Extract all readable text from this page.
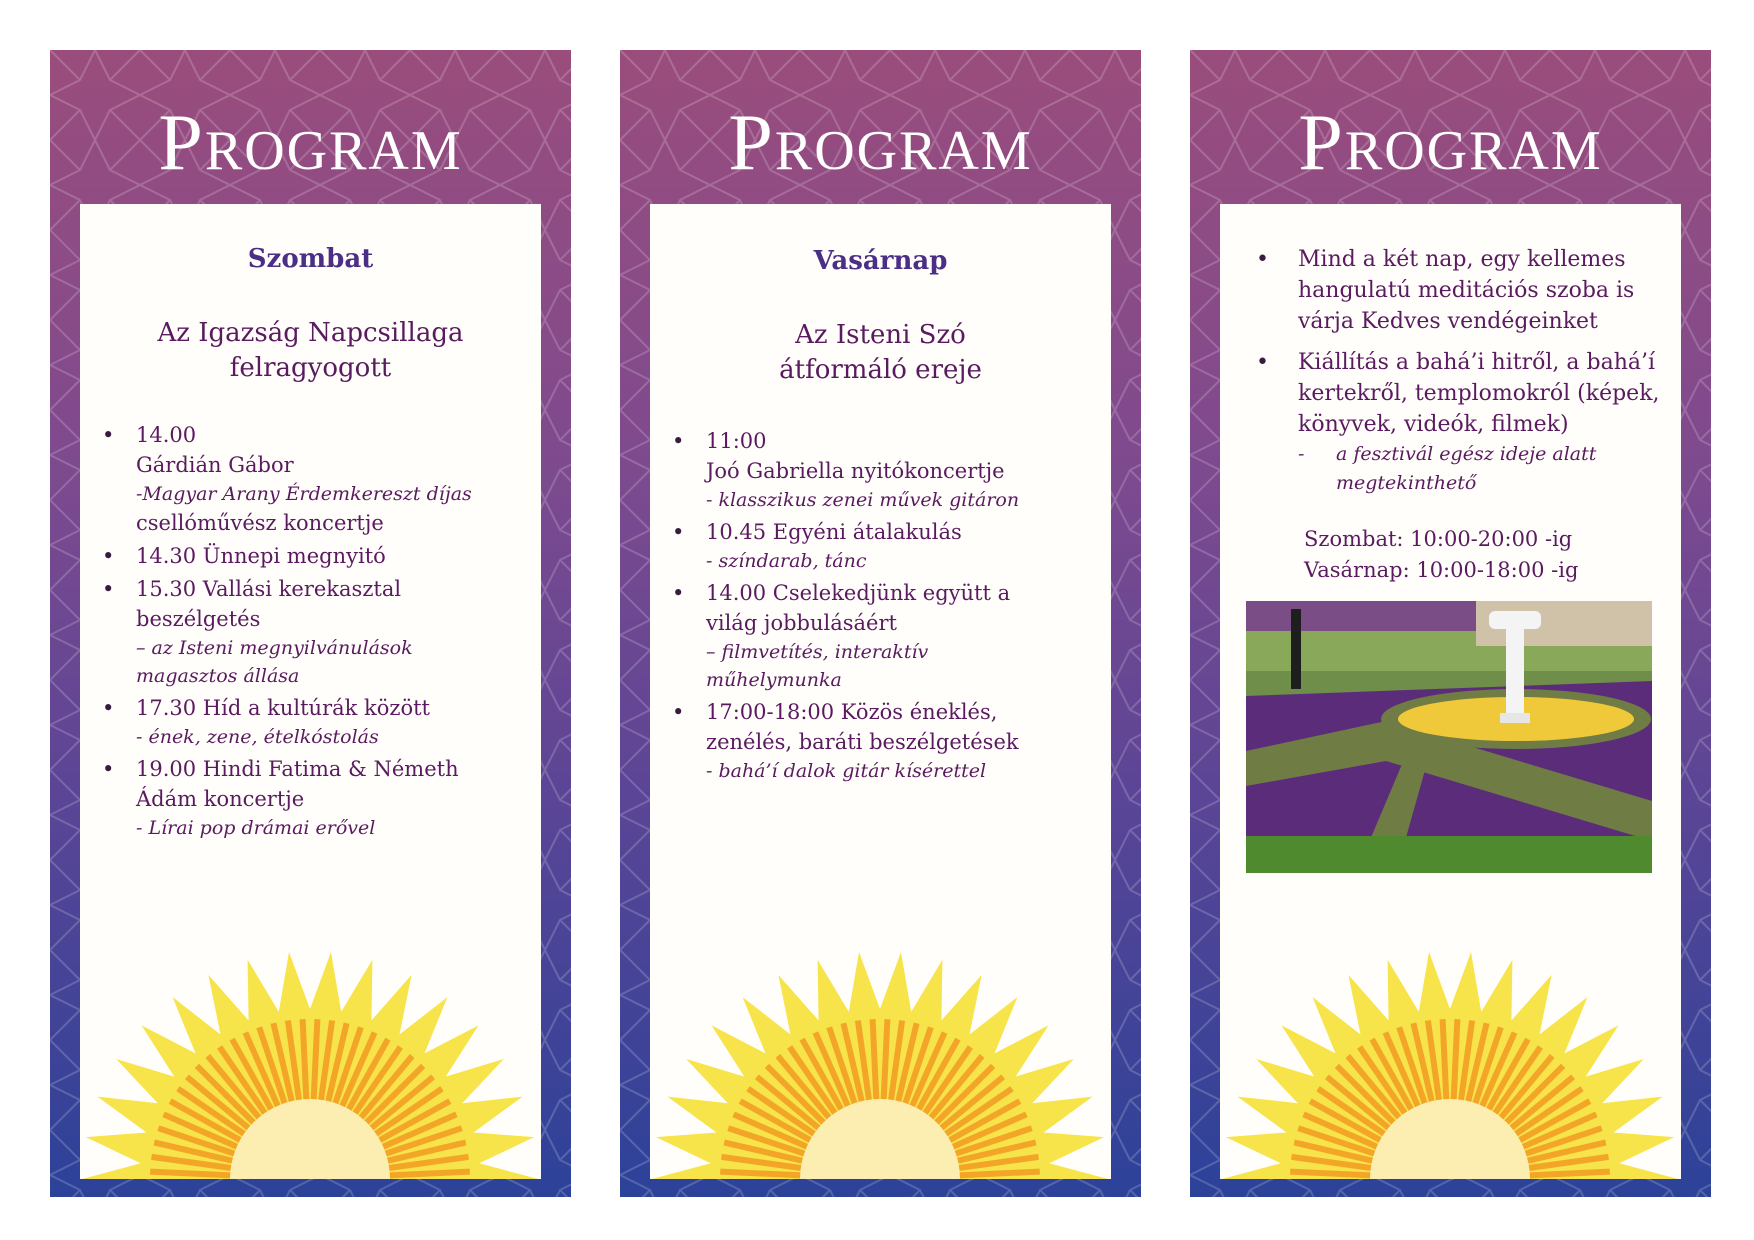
Program
Szombat
Az Igazság Napcsillaga
felragyogott
• 14.00
Gárdián Gábor
-Magyar Arany Érdemkereszt díjas
csellóművész koncertje
• 14.30 Ünnepi megnyitó
• 15.30 Vallási kerekasztal
beszélgetés
– az Isteni megnyilvánulások
magasztos állása
• 17.30 Híd a kultúrák között
- ének, zene, ételkóstolás
• 19.00 Hindi Fatima & Németh
Ádám koncertje
- Lírai pop drámai erővel
Program
Vasárnap
Az Isteni Szó
átformáló ereje
• 11:00
Joó Gabriella nyitókoncertje
- klasszikus zenei művek gitáron
• 10.45 Egyéni átalakulás
- színdarab, tánc
• 14.00 Cselekedjünk együtt a
világ jobbulásáért
– filmvetítés, interaktív
műhelymunka
• 17:00-18:00 Közös éneklés,
zenélés, baráti beszélgetések
- bahá’í dalok gitár kísérettel
Program
• Mind a két nap, egy kellemes
hangulatú meditációs szoba is
várja Kedves vendégeinket
• Kiállítás a bahá’i hitről, a bahá’í
kertekről, templomokról (képek,
könyvek, videók, filmek)
- a fesztivál egész ideje alatt
megtekinthető
Szombat: 10:00-20:00 -ig
Vasárnap: 10:00-18:00 -ig
